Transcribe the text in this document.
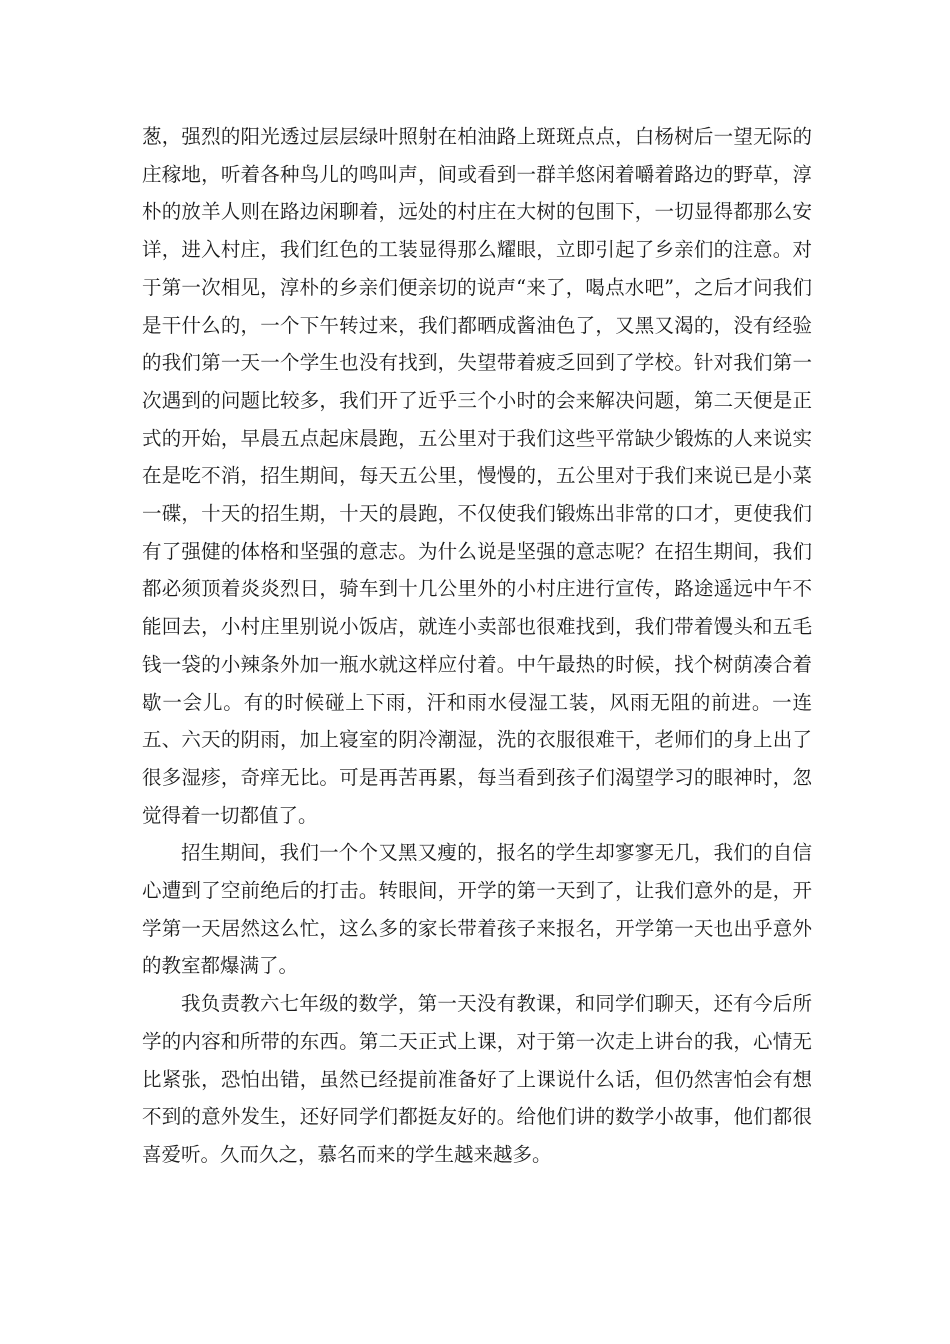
葱，强烈的阳光透过层层绿叶照射在柏油路上斑斑点点，白杨树后一望无际的庄稼地，听着各种鸟儿的鸣叫声，间或看到一群羊悠闲着嚼着路边的野草，淳朴的放羊人则在路边闲聊着，远处的村庄在大树的包围下，一切显得都那么安详，进入村庄，我们红色的工装显得那么耀眼，立即引起了乡亲们的注意。对于第一次相见，淳朴的乡亲们便亲切的说声“来了，喝点水吧”，之后才问我们是干什么的，一个下午转过来，我们都晒成酱油色了，又黑又渴的，没有经验的我们第一天一个学生也没有找到，失望带着疲乏回到了学校。针对我们第一次遇到的问题比较多，我们开了近乎三个小时的会来解决问题，第二天便是正式的开始，早晨五点起床晨跑，五公里对于我们这些平常缺少锻炼的人来说实在是吃不消，招生期间，每天五公里，慢慢的，五公里对于我们来说已是小菜一碟，十天的招生期，十天的晨跑，不仅使我们锻炼出非常的口才，更使我们有了强健的体格和坚强的意志。为什么说是坚强的意志呢？在招生期间，我们都必须顶着炎炎烈日，骑车到十几公里外的小村庄进行宣传，路途遥远中午不能回去，小村庄里别说小饭店，就连小卖部也很难找到，我们带着馒头和五毛钱一袋的小辣条外加一瓶水就这样应付着。中午最热的时候，找个树荫凑合着歇一会儿。有的时候碰上下雨，汗和雨水侵湿工装，风雨无阻的前进。一连五、六天的阴雨，加上寝室的阴冷潮湿，洗的衣服很难干，老师们的身上出了很多湿疹，奇痒无比。可是再苦再累，每当看到孩子们渴望学习的眼神时，忽觉得着一切都值了。

招生期间，我们一个个又黑又瘦的，报名的学生却寥寥无几，我们的自信心遭到了空前绝后的打击。转眼间，开学的第一天到了，让我们意外的是，开学第一天居然这么忙，这么多的家长带着孩子来报名，开学第一天也出乎意外的教室都爆满了。

我负责教六七年级的数学，第一天没有教课，和同学们聊天，还有今后所学的内容和所带的东西。第二天正式上课，对于第一次走上讲台的我，心情无比紧张，恐怕出错，虽然已经提前准备好了上课说什么话，但仍然害怕会有想不到的意外发生，还好同学们都挺友好的。给他们讲的数学小故事，他们都很喜爱听。久而久之，慕名而来的学生越来越多。
